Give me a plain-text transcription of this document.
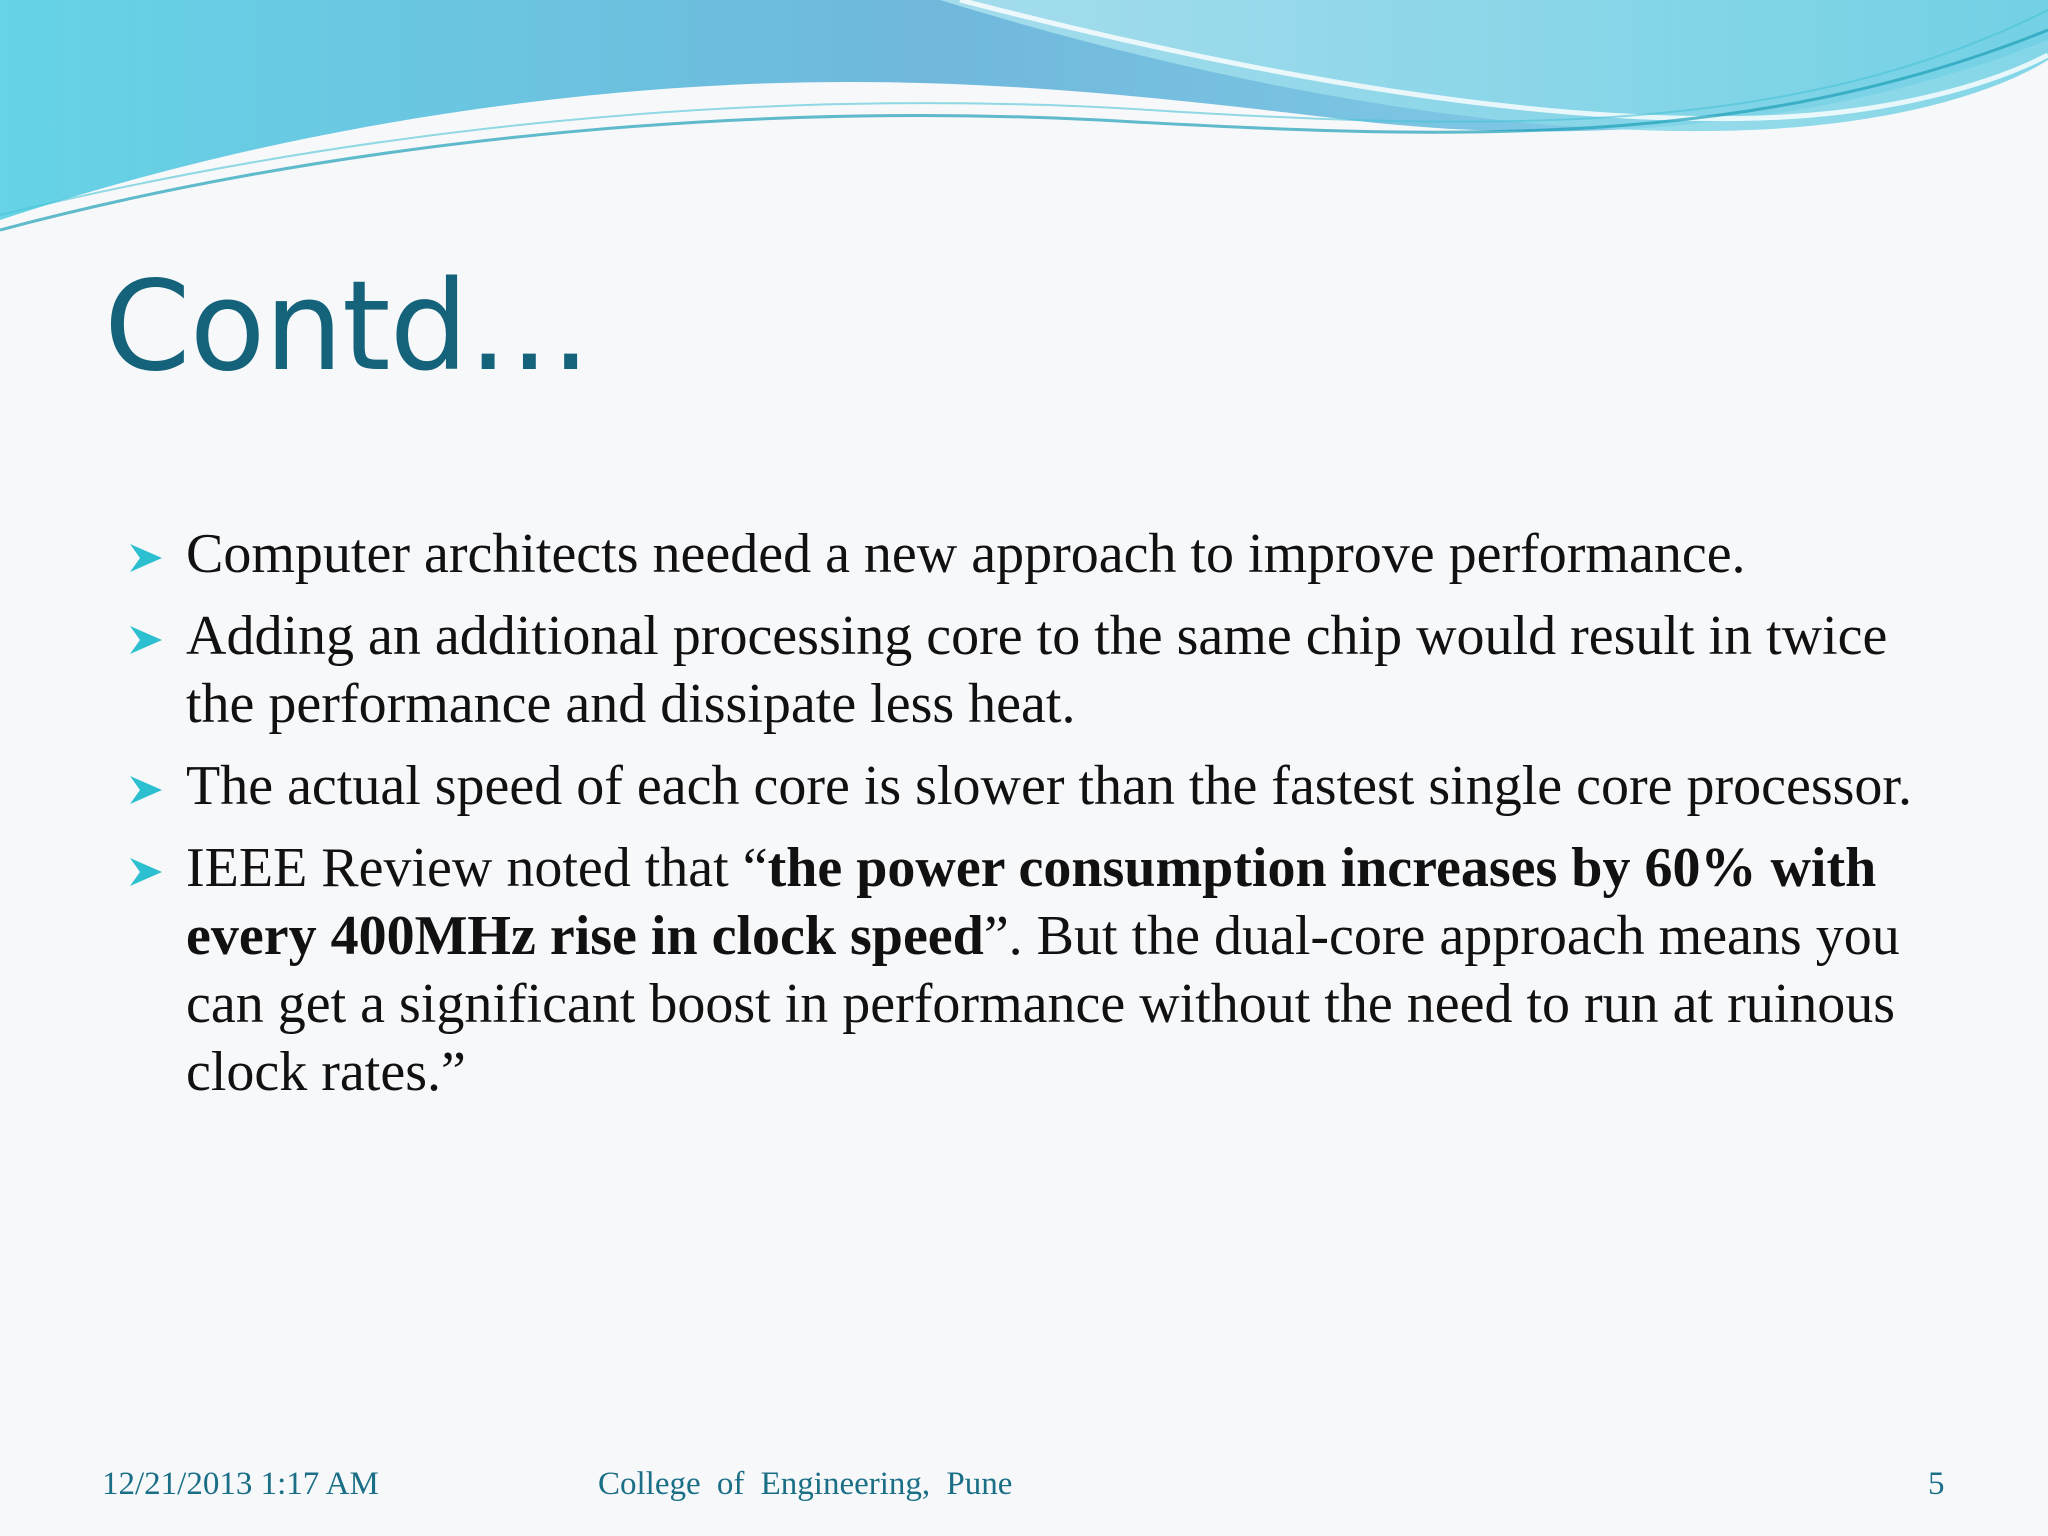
Contd…
Computer architects needed a new approach to improve performance.
Adding an additional processing core to the same chip would result in twice the performance and dissipate less heat.
The actual speed of each core is slower than the fastest single core processor.
IEEE Review noted that “the power consumption increases by 60% with every 400MHz rise in clock speed”. But the dual-core approach means you can get a significant boost in performance without the need to run at ruinous clock rates.”
12/21/2013 1:17 AM	College of Engineering, Pune	5
